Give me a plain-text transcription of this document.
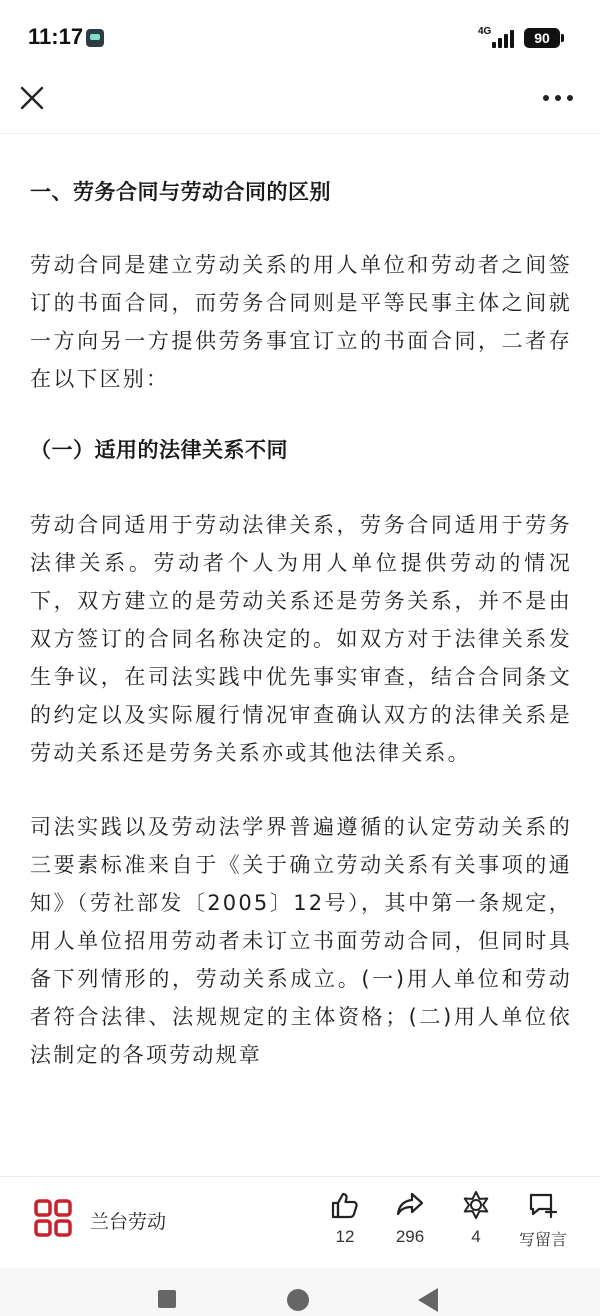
11:17	4G	90
一、劳务合同与劳动合同的区别
劳动合同是建立劳动关系的用人单位和劳动者之间签订的书面合同，而劳务合同则是平等民事主体之间就一方向另一方提供劳务事宜订立的书面合同，二者存在以下区别：
（一）适用的法律关系不同
劳动合同适用于劳动法律关系，劳务合同适用于劳务法律关系。劳动者个人为用人单位提供劳动的情况下，双方建立的是劳动关系还是劳务关系，并不是由双方签订的合同名称决定的。如双方对于法律关系发生争议，在司法实践中优先事实审查，结合合同条文的约定以及实际履行情况审查确认双方的法律关系是劳动关系还是劳务关系亦或其他法律关系。
司法实践以及劳动法学界普遍遵循的认定劳动关系的三要素标准来自于《关于确立劳动关系有关事项的通知》（劳社部发〔2005〕12号），其中第一条规定，用人单位招用劳动者未订立书面劳动合同，但同时具备下列情形的，劳动关系成立。(一)用人单位和劳动者符合法律、法规规定的主体资格；(二)用人单位依法制定的各项劳动规章
兰台劳动
12	296	4	写留言
